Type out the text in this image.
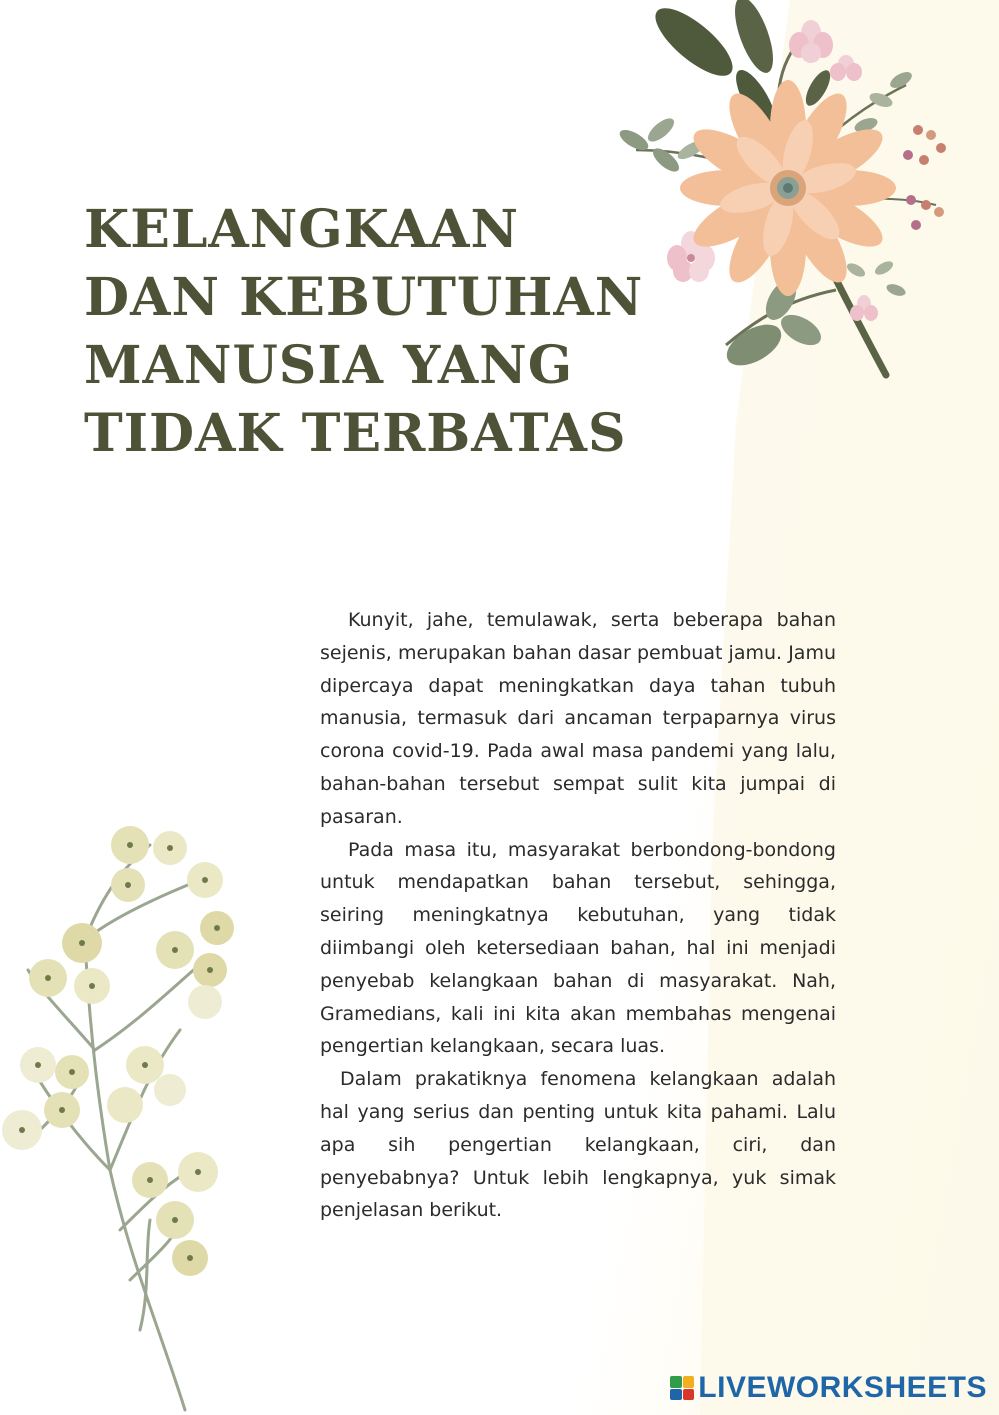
KELANGKAAN
DAN KEBUTUHAN
MANUSIA YANG
TIDAK TERBATAS

Kunyit, jahe, temulawak, serta beberapa bahan sejenis, merupakan bahan dasar pembuat jamu. Jamu dipercaya dapat meningkatkan daya tahan tubuh manusia, termasuk dari ancaman terpaparnya virus corona covid-19. Pada awal masa pandemi yang lalu, bahan-bahan tersebut sempat sulit kita jumpai di pasaran.

Pada masa itu, masyarakat berbondong-bondong untuk mendapatkan bahan tersebut, sehingga, seiring meningkatnya kebutuhan, yang tidak diimbangi oleh ketersediaan bahan, hal ini menjadi penyebab kelangkaan bahan di masyarakat. Nah, Gramedians, kali ini kita akan membahas mengenai pengertian kelangkaan, secara luas.

Dalam prakatiknya fenomena kelangkaan adalah hal yang serius dan penting untuk kita pahami. Lalu apa sih pengertian kelangkaan, ciri, dan penyebabnya? Untuk lebih lengkapnya, yuk simak penjelasan berikut.

LIVEWORKSHEETS
